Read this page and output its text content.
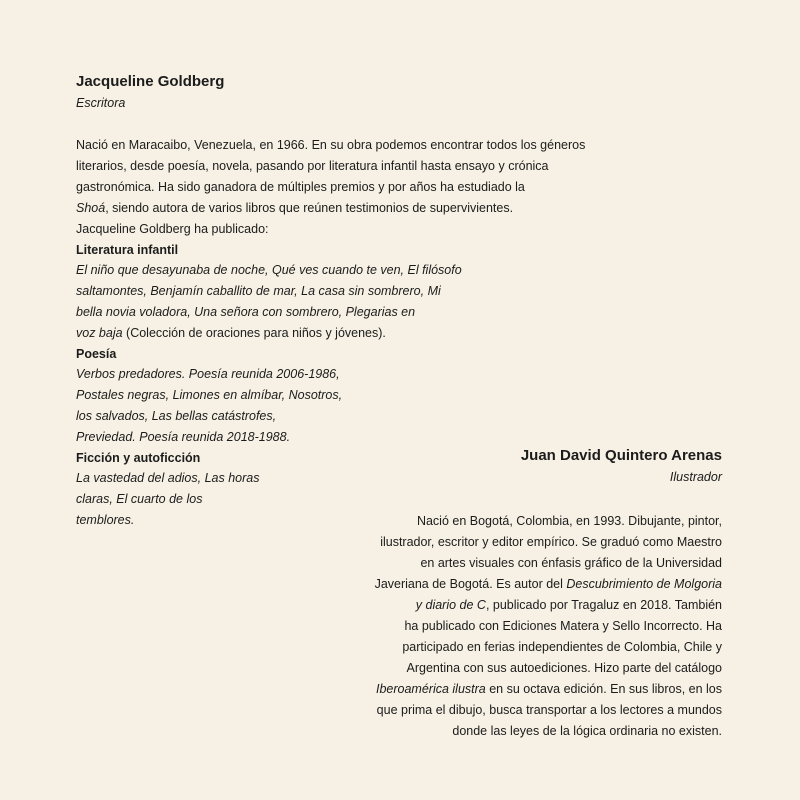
Jacqueline Goldberg
Escritora
Nació en Maracaibo, Venezuela, en 1966. En su obra podemos encontrar todos los géneros
literarios, desde poesía, novela, pasando por literatura infantil hasta ensayo y crónica
gastronómica. Ha sido ganadora de múltiples premios y por años ha estudiado la
Shoá, siendo autora de varios libros que reúnen testimonios de supervivientes.
Jacqueline Goldberg ha publicado:
Literatura infantil
El niño que desayunaba de noche, Qué ves cuando te ven, El filósofo
saltamontes, Benjamín caballito de mar, La casa sin sombrero, Mi
bella novia voladora, Una señora con sombrero, Plegarias en
voz baja (Colección de oraciones para niños y jóvenes).
Poesía
Verbos predadores. Poesía reunida 2006-1986,
Postales negras, Limones en almíbar, Nosotros,
los salvados, Las bellas catástrofes,
Previedad. Poesía reunida 2018-1988.
Ficción y autoficción
La vastedad del adios, Las horas
claras, El cuarto de los
temblores.
Juan David Quintero Arenas
Ilustrador
Nació en Bogotá, Colombia, en 1993. Dibujante, pintor,
ilustrador, escritor y editor empírico. Se graduó como Maestro
en artes visuales con énfasis gráfico de la Universidad
Javeriana de Bogotá. Es autor del Descubrimiento de Molgoria
y diario de C, publicado por Tragaluz en 2018. También
ha publicado con Ediciones Matera y Sello Incorrecto. Ha
participado en ferias independientes de Colombia, Chile y
Argentina con sus autoediciones. Hizo parte del catálogo
Iberoamérica ilustra en su octava edición. En sus libros, en los
que prima el dibujo, busca transportar a los lectores a mundos
donde las leyes de la lógica ordinaria no existen.
